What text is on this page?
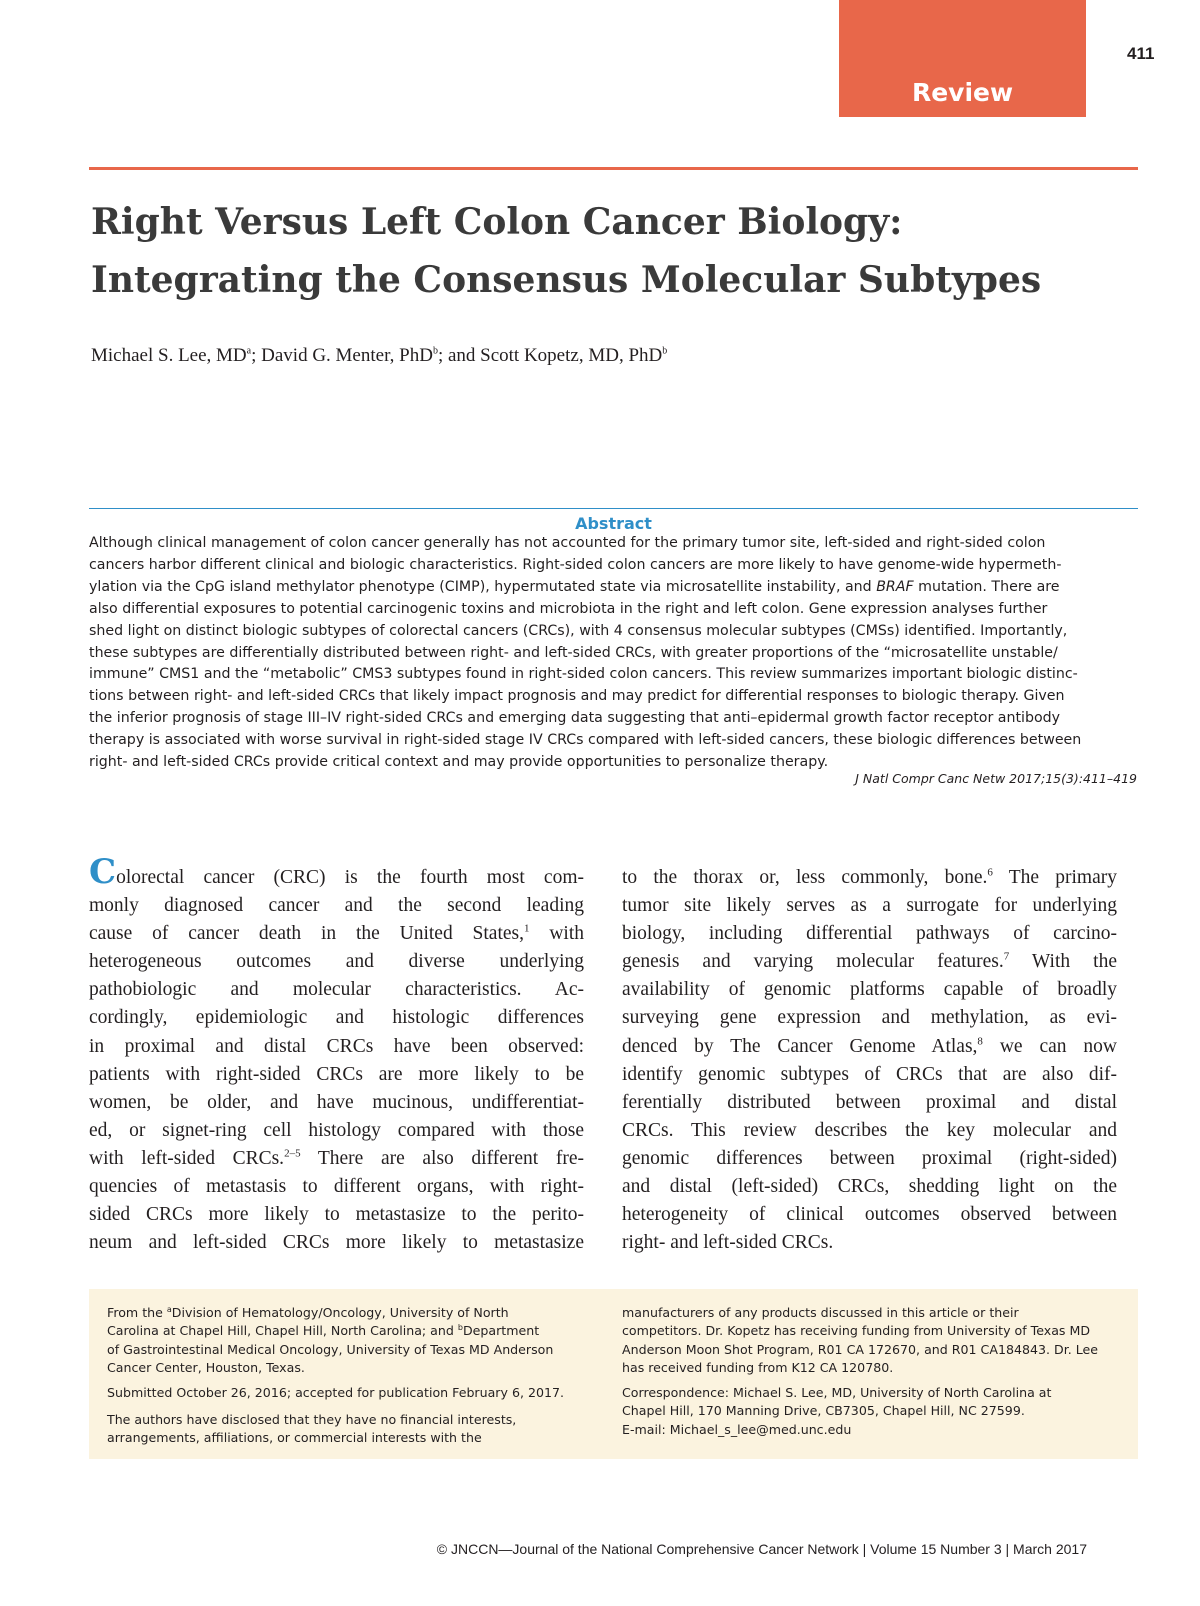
Review
411
Right Versus Left Colon Cancer Biology:
Integrating the Consensus Molecular Subtypes

Michael S. Lee, $MD^a$; David G. Menter, PhD$^b$; and Scott Kopetz, MD, PhD$^b$

Abstract
Although clinical management of colon cancer generally has not accounted for the primary tumor site, left-sided and right-sided colon
cancers harbor different clinical and biologic characteristics. Right-sided colon cancers are more likely to have genome-wide hypermeth-
ylation via the CpG island methylator phenotype (CIMP), hypermutated state via microsatellite instability, and BRAF mutation. There are
also differential exposures to potential carcinogenic toxins and microbiota in the right and left colon. Gene expression analyses further
shed light on distinct biologic subtypes of colorectal cancers (CRCs), with 4 consensus molecular subtypes (CMSs) identified. Importantly,
these subtypes are differentially distributed between right- and left-sided CRCs, with greater proportions of the “microsatellite unstable/
immune” CMS1 and the “metabolic” CMS3 subtypes found in right-sided colon cancers. This review summarizes important biologic distinc-
tions between right- and left-sided CRCs that likely impact prognosis and may predict for differential responses to biologic therapy. Given
the inferior prognosis of stage III–IV right-sided CRCs and emerging data suggesting that anti–epidermal growth factor receptor antibody
therapy is associated with worse survival in right-sided stage IV CRCs compared with left-sided cancers, these biologic differences between
right- and left-sided CRCs provide critical context and may provide opportunities to personalize therapy.
J Natl Compr Canc Netw 2017;15(3):411–419
Colorectal cancer (CRC) is the fourth most com-
monly diagnosed cancer and the second leading
cause of cancer death in the United States,$^1$ with
heterogeneous outcomes and diverse underlying
pathobiologic and molecular characteristics. Ac-
cordingly, epidemiologic and histologic differences
in proximal and distal CRCs have been observed:
patients with right-sided CRCs are more likely to be
women, be older, and have mucinous, undifferentiat-
ed, or signet-ring cell histology compared with those
with left-sided CRCs.$^{2-5}$ There are also different fre-
quencies of metastasis to different organs, with right-
sided CRCs more likely to metastasize to the perito-
neum and left-sided CRCs more likely to metastasize
to the thorax or, less commonly, bone.$^6$ The primary
tumor site likely serves as a surrogate for underlying
biology, including differential pathways of carcino-
genesis and varying molecular features.$^7$ With the
availability of genomic platforms capable of broadly
surveying gene expression and methylation, as evi-
denced by The Cancer Genome Atlas,$^8$ we can now
identify genomic subtypes of CRCs that are also dif-
ferentially distributed between proximal and distal
CRCs. This review describes the key molecular and
genomic differences between proximal (right-sided)
and distal (left-sided) CRCs, shedding light on the
heterogeneity of clinical outcomes observed between
right- and left-sided CRCs.
From the $^a$Division of Hematology/Oncology, University of North
Carolina at Chapel Hill, Chapel Hill, North Carolina; and $^b$Department
of Gastrointestinal Medical Oncology, University of Texas MD Anderson
Cancer Center, Houston, Texas.
Submitted October 26, 2016; accepted for publication February 6, 2017.
The authors have disclosed that they have no financial interests,
arrangements, affiliations, or commercial interests with the
manufacturers of any products discussed in this article or their
competitors. Dr. Kopetz has receiving funding from University of Texas MD
Anderson Moon Shot Program, R01 CA 172670, and R01 CA184843. Dr. Lee
has received funding from K12 CA 120780.
Correspondence: Michael S. Lee, MD, University of North Carolina at
Chapel Hill, 170 Manning Drive, CB7305, Chapel Hill, NC 27599.
E-mail: Michael_s_lee@med.unc.edu
© JNCCN—Journal of the National Comprehensive Cancer Network | Volume 15 Number 3 | March 2017
